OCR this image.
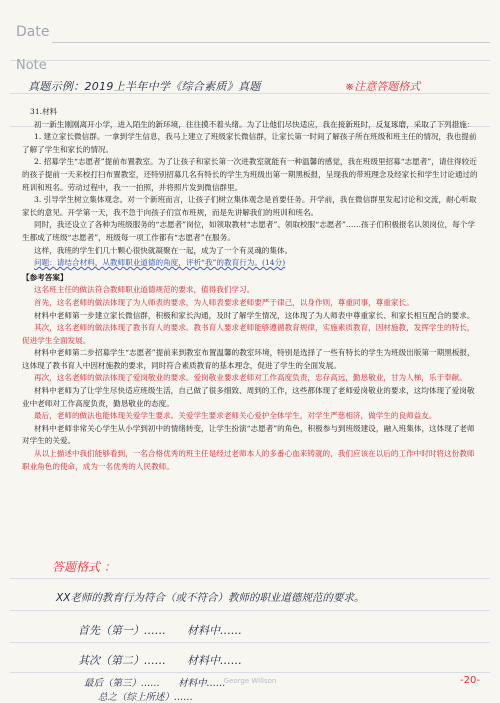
Date
Note
真题示例：2019上半年中学《综合素质》真题	※注意答题格式
31.材料
初一新生刚刚离开小学，进入陌生的新环境，往往摸不着头绪。为了让他们尽快适应，我在接新班时，反复琢磨，采取了下列措施：
1. 建立家长微信群。一拿到学生信息，我马上建立了班级家长微信群，让家长第一时间了解孩子所在班级和班主任的情况，我也提前了解了学生和家长的情况。
2. 招募学生“志愿者”提前布置教室。为了让孩子和家长第一次进教室就能有一种温馨的感觉，我在班级里招募“志愿者”，请住得较近的孩子提前一天来校打扫布置教室，还特别招募几名有特长的学生为班级出第一期黑板报，呈现我的带班理念及经家长和学生讨论通过的班训和班名。劳动过程中，我一一拍照，并将照片发到微信群里。
3. 引导学生树立集体观念。对一个新班而言，让孩子们树立集体观念是首要任务。开学前，我在微信群里发起讨论和交流，耐心听取家长的意见。开学第一天，我不急于向孩子们宣布班规，而是先讲解我们的班训和班名。
同时，我还设立了各种为班级服务的“志愿者”岗位，如领取教材“志愿者”、领取校服“志愿者”……孩子们积极报名认领岗位，每个学生都成了班级“志愿者”，班级每一项工作都有“志愿者”在服务。
这样，我班的学生们几十颗心很快就凝聚在一起，成为了一个有灵魂的集体。
问题：请结合材料，从教师职业道德的角度，评析“我”的教育行为。(14分)
【参考答案】
这名班主任的做法符合教师职业道德规范的要求，值得我们学习。
首先，这名老师的做法体现了为人师表的要求，为人师表要求老师要严于律己，以身作则，尊重同事，尊重家长。
材料中老师第一步建立家长微信群，积极和家长沟通，及时了解学生情况，这体现了为人师表中尊重家长、和家长相互配合的要求。
其次，这名老师的做法体现了教书育人的要求。教书育人要求老师能够遵循教育规律，实施素质教育，因材施教，发挥学生的特长，促进学生全面发展。
材料中老师第二步招募学生“志愿者”提前来到教室布置温馨的教室环境，特别是选择了一些有特长的学生为班级出版第一期黑板报，这体现了教书育人中因材施教的要求，同时符合素质教育的基本理念，促进了学生的全面发展。
再次，这名老师的做法体现了爱岗敬业的要求。爱岗敬业要求老师对工作高度负责，忠存高远，勤恳敬业，甘为人梯，乐于奉献。
材料中老师为了让学生尽快适应班级生活，自己做了很多细致、周到的工作，这些都体现了老师爱岗敬业的要求，这均体现了爱岗敬业中老师对工作高度负责，勤恳敬业的态度。
最后，老师的做法也能体现关爱学生要求。关爱学生要求老师关心爱护全体学生，对学生严慈相济，做学生的良师益友。
材料中老师非常关心学生从小学到初中的情绪转变，让学生扮演“志愿者”的角色，积极参与到班级建设，融入班集体，这体现了老师对学生的关爱。
从以上描述中我们能够看到，一名合格优秀的班主任是经过老师本人的多番心血来铸就的，我们应该在以后的工作中时时将这份教师职业角色的使命，成为一名优秀的人民教师。
答题格式 ：
XX老师的教育行为符合（或不符合）教师的职业道德规范的要求。
首先（第一）……      材料中……
其次（第二）……      材料中……

最后（第三）……      材料中……
总之（综上所述）……

-20-
George Willson
